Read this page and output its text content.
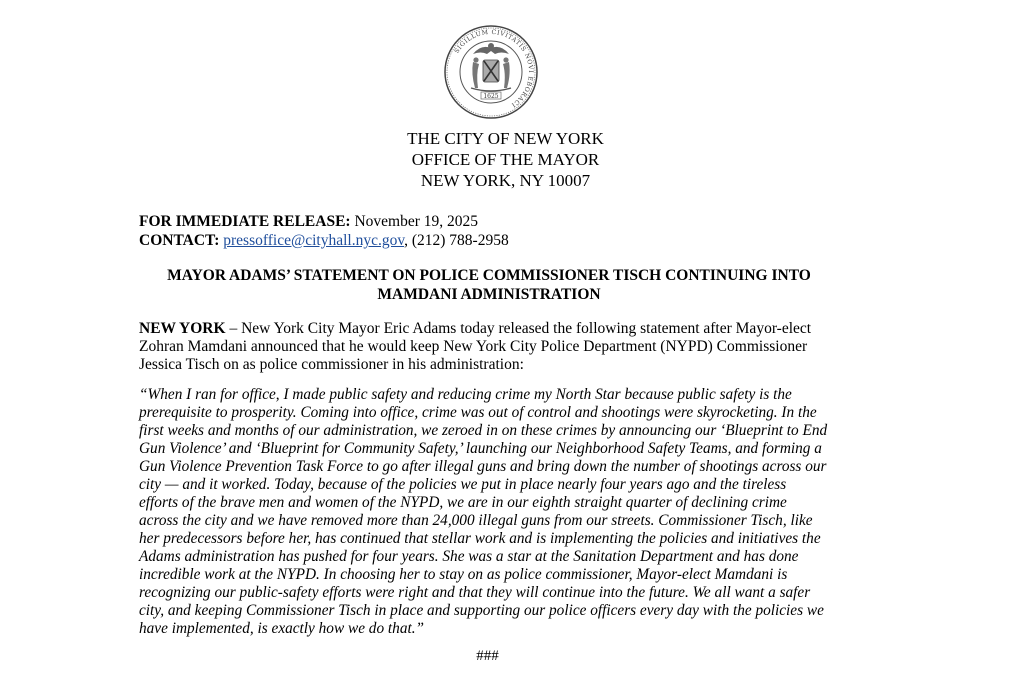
SIGILLUM CIVITATIS NOVI EBORACI
1625
THE CITY OF NEW YORK
OFFICE OF THE MAYOR
NEW YORK, NY 10007
FOR IMMEDIATE RELEASE: November 19, 2025
CONTACT: pressoffice@cityhall.nyc.gov, (212) 788-2958
MAYOR ADAMS’ STATEMENT ON POLICE COMMISSIONER TISCH CONTINUING INTO MAMDANI ADMINISTRATION
NEW YORK – New York City Mayor Eric Adams today released the following statement after Mayor-elect Zohran Mamdani announced that he would keep New York City Police Department (NYPD) Commissioner Jessica Tisch on as police commissioner in his administration:
“When I ran for office, I made public safety and reducing crime my North Star because public safety is the prerequisite to prosperity. Coming into office, crime was out of control and shootings were skyrocketing. In the first weeks and months of our administration, we zeroed in on these crimes by announcing our ‘Blueprint to End Gun Violence’ and ‘Blueprint for Community Safety,’ launching our Neighborhood Safety Teams, and forming a Gun Violence Prevention Task Force to go after illegal guns and bring down the number of shootings across our city — and it worked. Today, because of the policies we put in place nearly four years ago and the tireless efforts of the brave men and women of the NYPD, we are in our eighth straight quarter of declining crime across the city and we have removed more than 24,000 illegal guns from our streets. Commissioner Tisch, like her predecessors before her, has continued that stellar work and is implementing the policies and initiatives the Adams administration has pushed for four years. She was a star at the Sanitation Department and has done incredible work at the NYPD. In choosing her to stay on as police commissioner, Mayor-elect Mamdani is recognizing our public-safety efforts were right and that they will continue into the future. We all want a safer city, and keeping Commissioner Tisch in place and supporting our police officers every day with the policies we have implemented, is exactly how we do that.”
###
